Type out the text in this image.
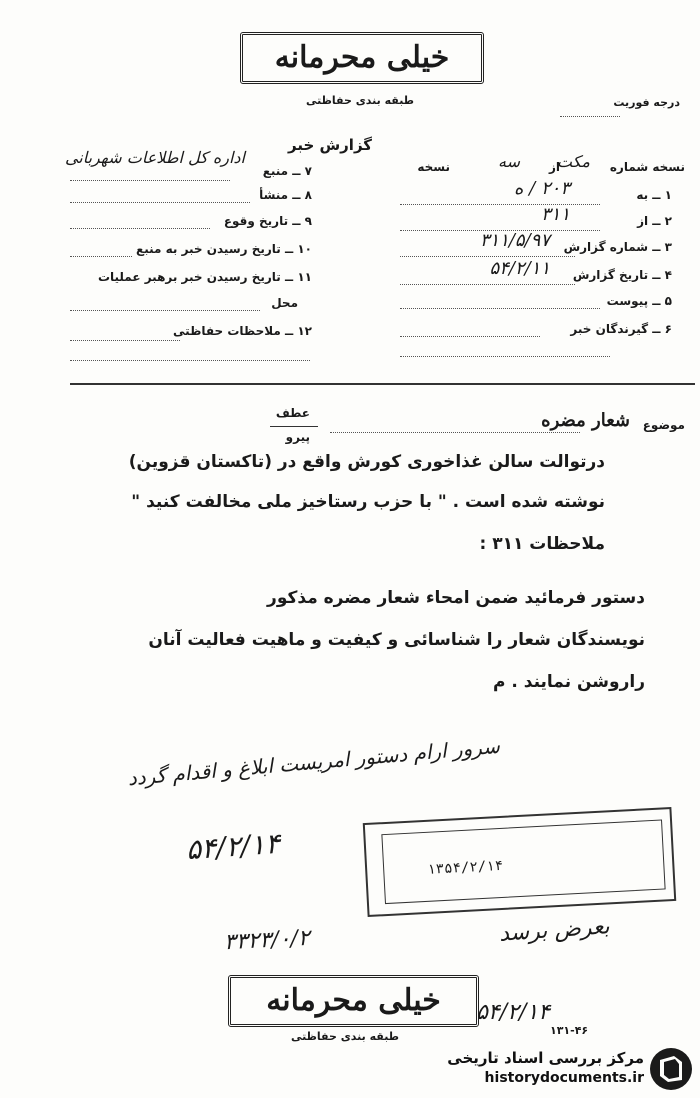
خیلی محرمانه
طبقه بندی حفاظتی	درجه فوریت
گزارش خبر
نسخه شماره
مکت
از
سه
نسخه
۱ ــ به
۲۰۳ / ه
۲ ــ از
۳۱۱
۳ ــ شماره گزارش
۳۱۱/۵/۹۷
۴ ــ تاریخ گزارش
۵۴/۲/۱۱
۵ ــ پیوست
۶ ــ گیرندگان خبر
۷ ــ منبع
اداره کل اطلاعات شهربانی
۸ ــ منشأ
۹ ــ تاریخ وقوع
۱۰ ــ تاریخ رسیدن خبر به منبع
۱۱ ــ تاریخ رسیدن خبر برهبر عملیات
محل
۱۲ ــ ملاحظات حفاظتی
عطف
پیرو
موضوع
شعار مضره
درتوالت سالن غذاخوری کورش واقع در (تاکستان قزوین)
نوشته شده است . " با حزب رستاخیز ملی مخالفت کنید "
ملاحظات ۳۱۱ :
دستور فرمائید ضمن امحاء شعار مضره مذکور
نویسندگان شعار را شناسائی و کیفیت و ماهیت فعالیت آنان
راروشن نمایند . م
سرور ارام دستور امریست ابلاغ و اقدام گردد
۵۴/۲/۱۴
۱۳۵۴/۲/۱۴
بعرض برسد
۳۳۲۳/۰/۲
خیلی محرمانه	۵۴/۲/۱۴
طبقه بندی حفاظتی	۱۳۱-۴۶
مرکز بررسی اسناد تاریخی
historydocuments.ir
